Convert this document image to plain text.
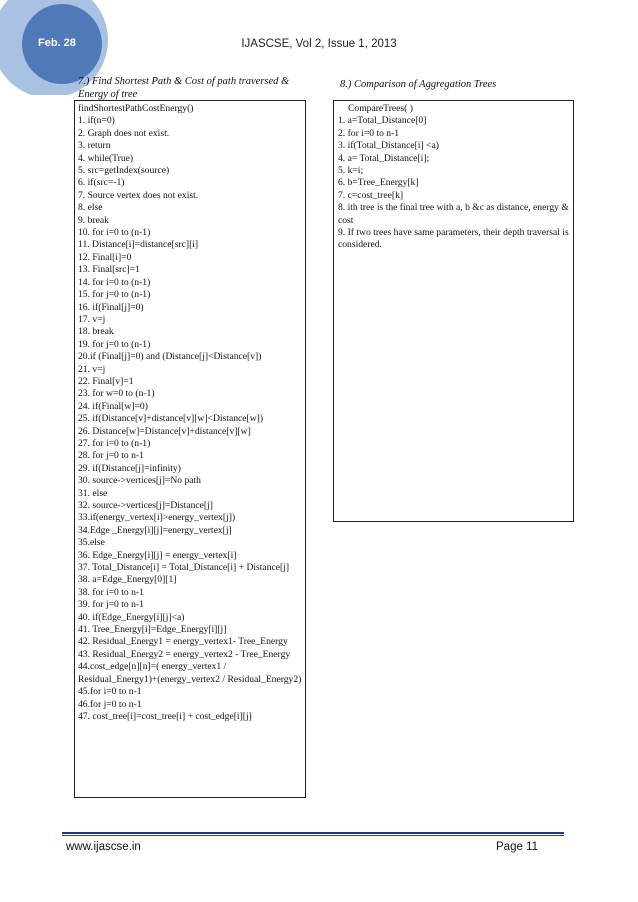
Feb. 28	IJASCSE, Vol 2, Issue 1, 2013
7.) Find Shortest Path & Cost of path traversed & Energy of tree
findShortestPathCostEnergy()
1. if(n=0)
2. Graph does not exist.
3. return
4. while(True)
5. src=getIndex(source)
6. if(src=-1)
7. Source vertex does not exist.
8. else
9. break
10. for i=0 to (n-1)
11. Distance[i]=distance[src][i]
12. Final[i]=0
13. Final[src]=1
14. for i=0 to (n-1)
15. for j=0 to (n-1)
16. if(Final[j]=0)
17. v=j
18. break
19. for j=0 to (n-1)
20.if (Final[j]=0) and (Distance[j]<Distance[v])
21. v=j
22. Final[v]=1
23. for w=0 to (n-1)
24. if(Final[w]=0)
25. if(Distance[v]+distance[v][w]<Distance[w])
26. Distance[w]=Distance[v]+distance[v][w]
27. for i=0 to (n-1)
28. for j=0 to n-1
29. if(Distance[j]=infinity)
30. source->vertices[j]=No path
31. else
32. source->vertices[j]=Distance[j]
33.if(energy_vertex[i]>energy_vertex[j])
34.Edge _Energy[i][j]=energy_vertex[j]
35.else
36. Edge_Energy[i][j] = energy_vertex[i]
37. Total_Distance[i] = Total_Distance[i] + Distance[j]
38. a=Edge_Energy[0][1]
38. for i=0 to n-1
39. for j=0 to n-1
40. if(Edge_Energy[i][j]<a)
41. Tree_Energy[i]=Edge_Energy[i][j]
42. Residual_Energy1 = energy_vertex1- Tree_Energy
43. Residual_Energy2 = energy_vertex2 - Tree_Energy
44.cost_edge[n][n]=( energy_vertex1 / Residual_Energy1)+(energy_vertex2 / Residual_Energy2)
45.for i=0 to n-1
46.for j=0 to n-1
47. cost_tree[i]=cost_tree[i] + cost_edge[i][j]
8.) Comparison of Aggregation Trees
CompareTrees( )
1. a=Total_Distance[0]
2. for i=0 to n-1
3. if(Total_Distance[i] <a)
4. a= Total_Distance[i];
5. k=i;
6. b=Tree_Energy[k]
7. c=cost_tree[k]
8. ith tree is the final tree with a, b &c as distance, energy & cost
9. If two trees have same parameters, their depth traversal is considered.
www.ijascse.in	Page 11
